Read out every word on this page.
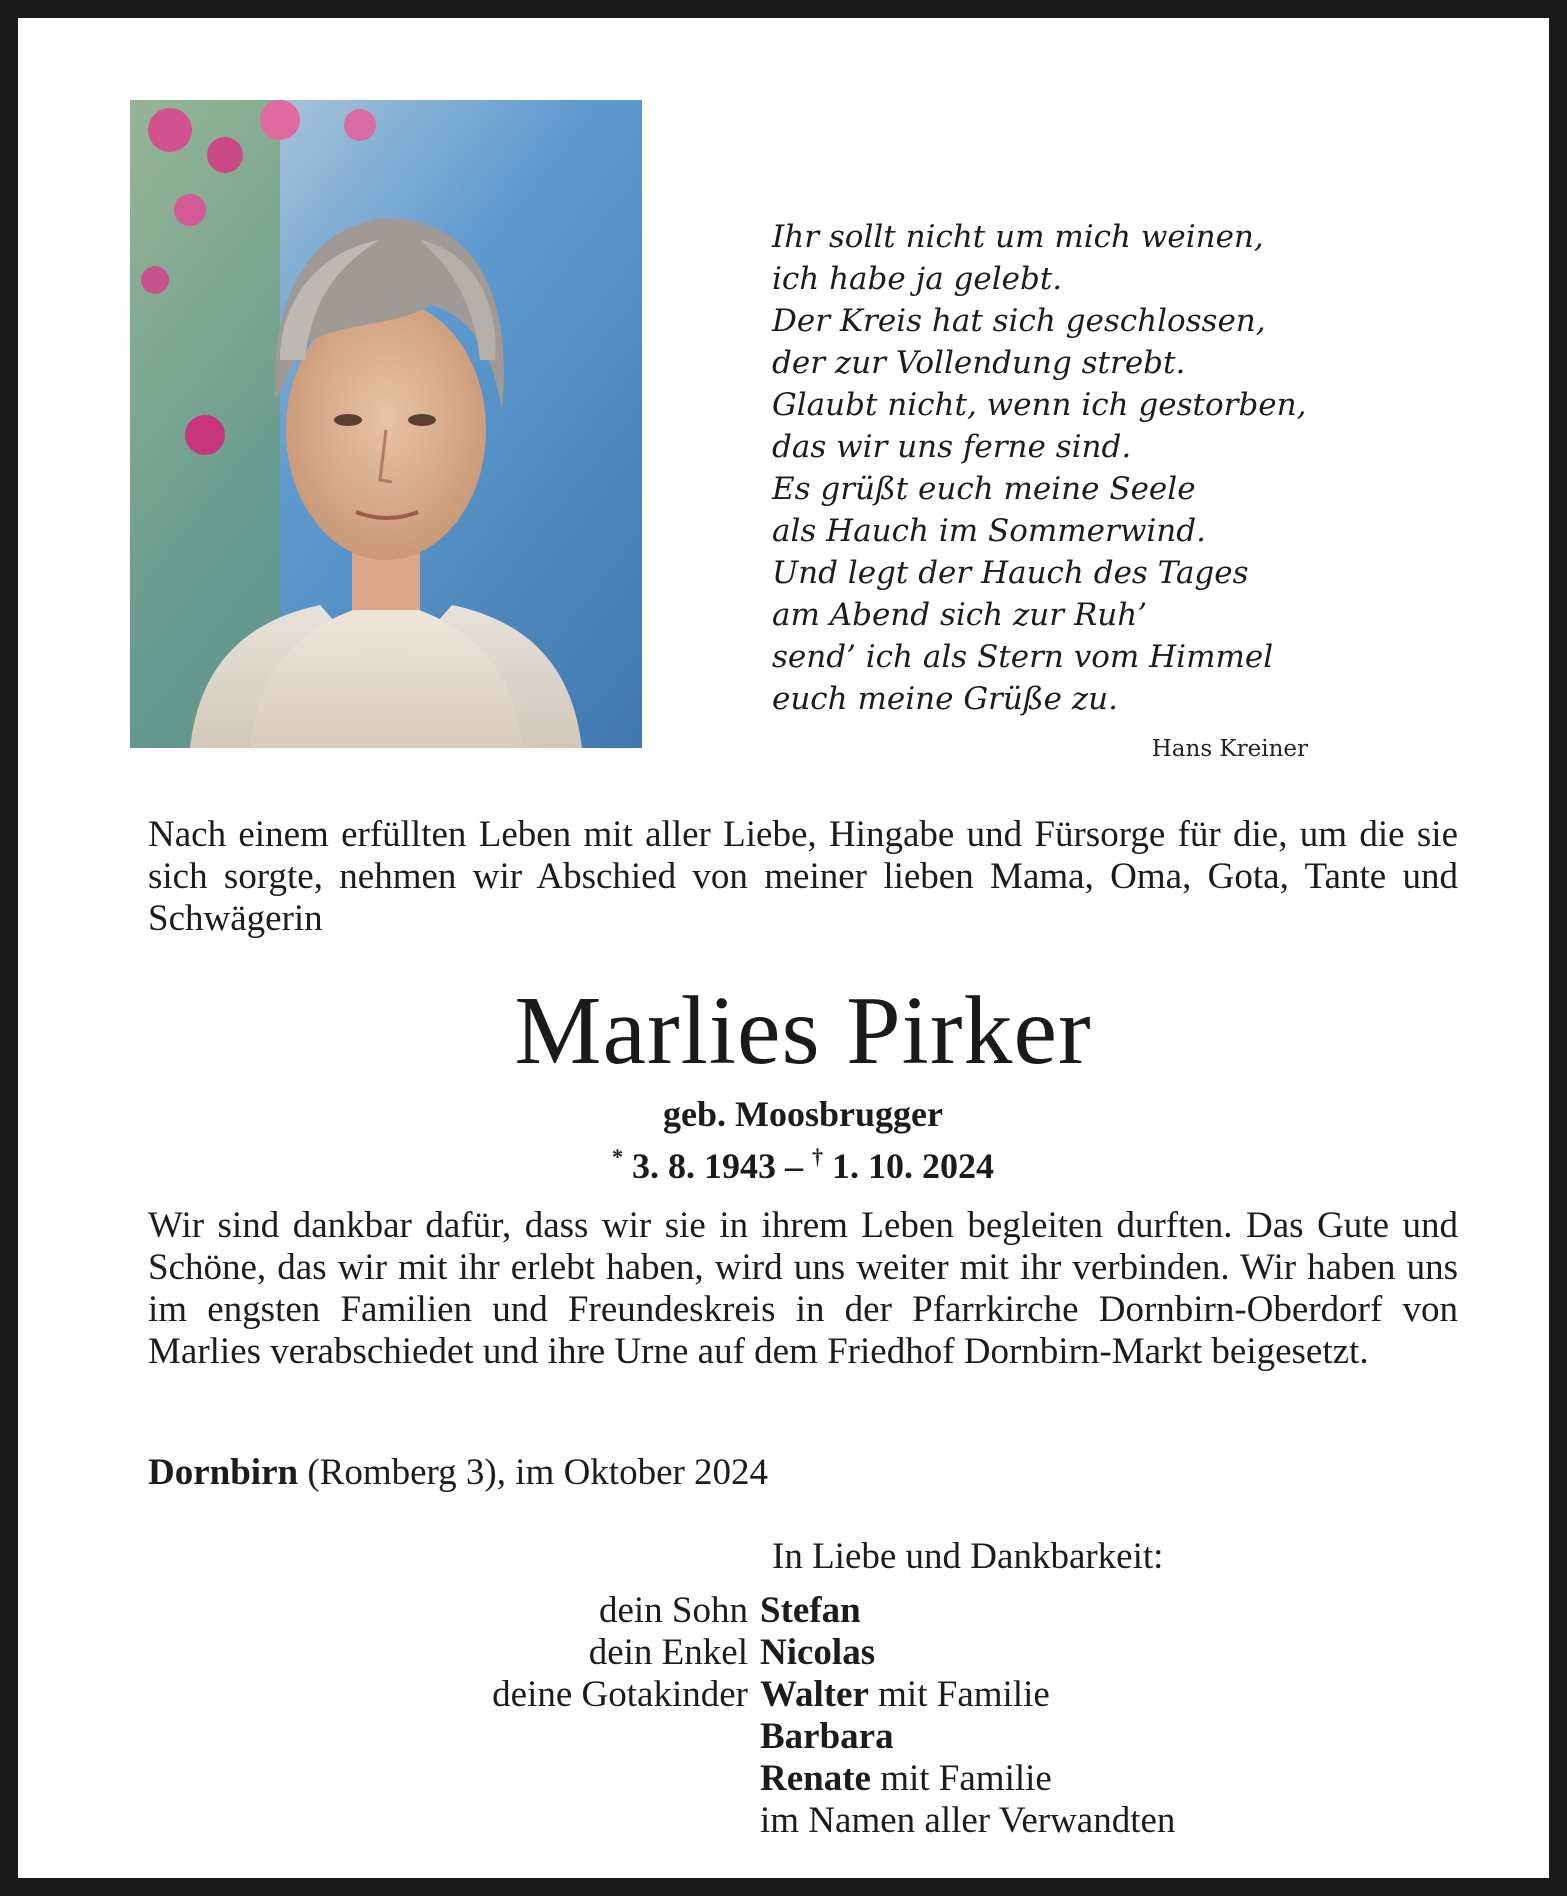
Ihr sollt nicht um mich weinen,
ich habe ja gelebt.
Der Kreis hat sich geschlossen,
der zur Vollendung strebt.
Glaubt nicht, wenn ich gestorben,
das wir uns ferne sind.
Es grüßt euch meine Seele
als Hauch im Sommerwind.
Und legt der Hauch des Tages
am Abend sich zur Ruh’
send’ ich als Stern vom Himmel
euch meine Grüße zu.
Hans Kreiner
Nach einem erfüllten Leben mit aller Liebe, Hingabe und Fürsorge für die, um die sie sich sorgte, nehmen wir Abschied von meiner lieben Mama, Oma, Gota, Tante und Schwägerin
Marlies Pirker
geb. Moosbrugger
* 3. 8. 1943 – † 1. 10. 2024
Wir sind dankbar dafür, dass wir sie in ihrem Leben begleiten durften. Das Gute und Schöne, das wir mit ihr erlebt haben, wird uns weiter mit ihr verbinden. Wir haben uns im engsten Familien und Freundeskreis in der Pfarrkirche Dornbirn-Oberdorf von Marlies verabschiedet und ihre Urne auf dem Friedhof Dornbirn-Markt beigesetzt.
Dornbirn (Romberg 3), im Oktober 2024
In Liebe und Dankbarkeit:
dein Sohn Stefan
dein Enkel Nicolas
deine Gotakinder Walter mit Familie
Barbara
Renate mit Familie
im Namen aller Verwandten
